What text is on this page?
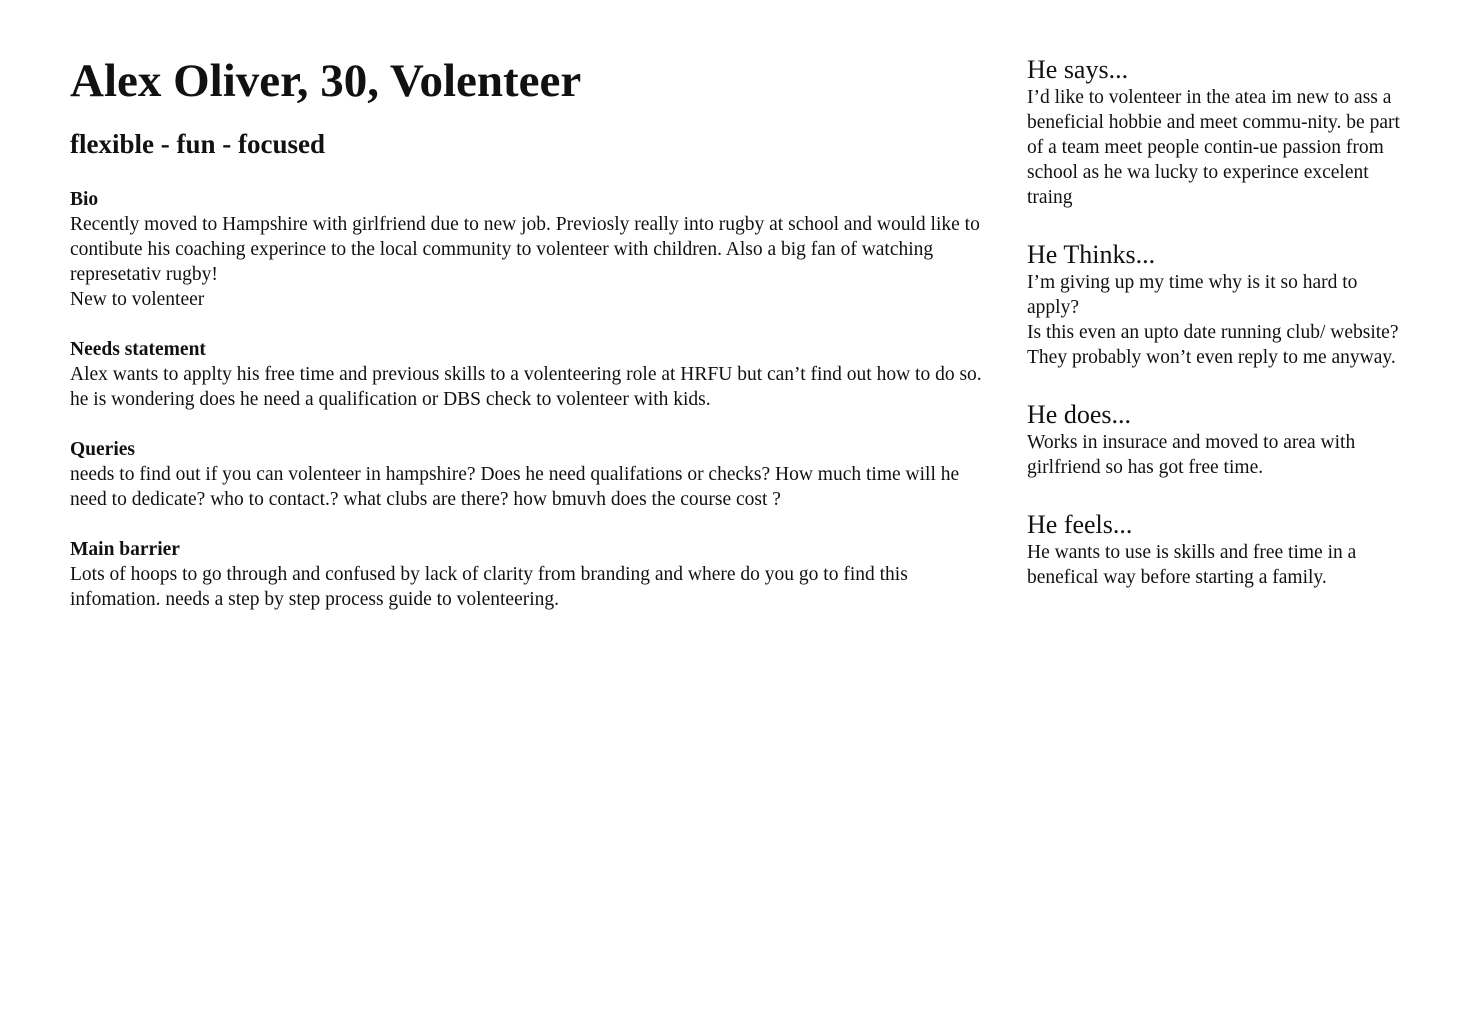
Alex Oliver, 30, Volenteer
flexible - fun - focused

Bio

Recently moved to Hampshire with girlfriend due to new job. Previosly really into rugby at school and would like to contibute his coaching experince to the local community to volenteer with children. Also a big fan of watching represetativ rugby!
New to volenteer

Needs statement

Alex wants to applty his free time and previous skills to a volenteering role at HRFU but can’t find out how to do so. he is wondering does he need a qualification or DBS check to volenteer with kids.

Queries

needs to find out if you can volenteer in hampshire? Does he need qualifations or checks? How much time will he need to dedicate? who to contact.? what clubs are there? how bmuvh does the course cost ?

Main barrier

Lots of hoops to go through and confused by lack of clarity from branding and where do you go to find this infomation. needs a step by step process guide to volenteering.

He says...

I’d like to volenteer in the atea im new to ass a beneficial hobbie and meet commu-nity. be part of a team meet people contin-ue passion from school as he wa lucky to experince excelent traing

He Thinks...

I’m giving up my time why is it so hard to apply?
Is this even an upto date running club/ website? They probably won’t even reply to me anyway.

He does...

Works in insurace and moved to area with girlfriend so has got free time.

He feels...

He wants to use is skills and free time in a benefical way before starting a family.
